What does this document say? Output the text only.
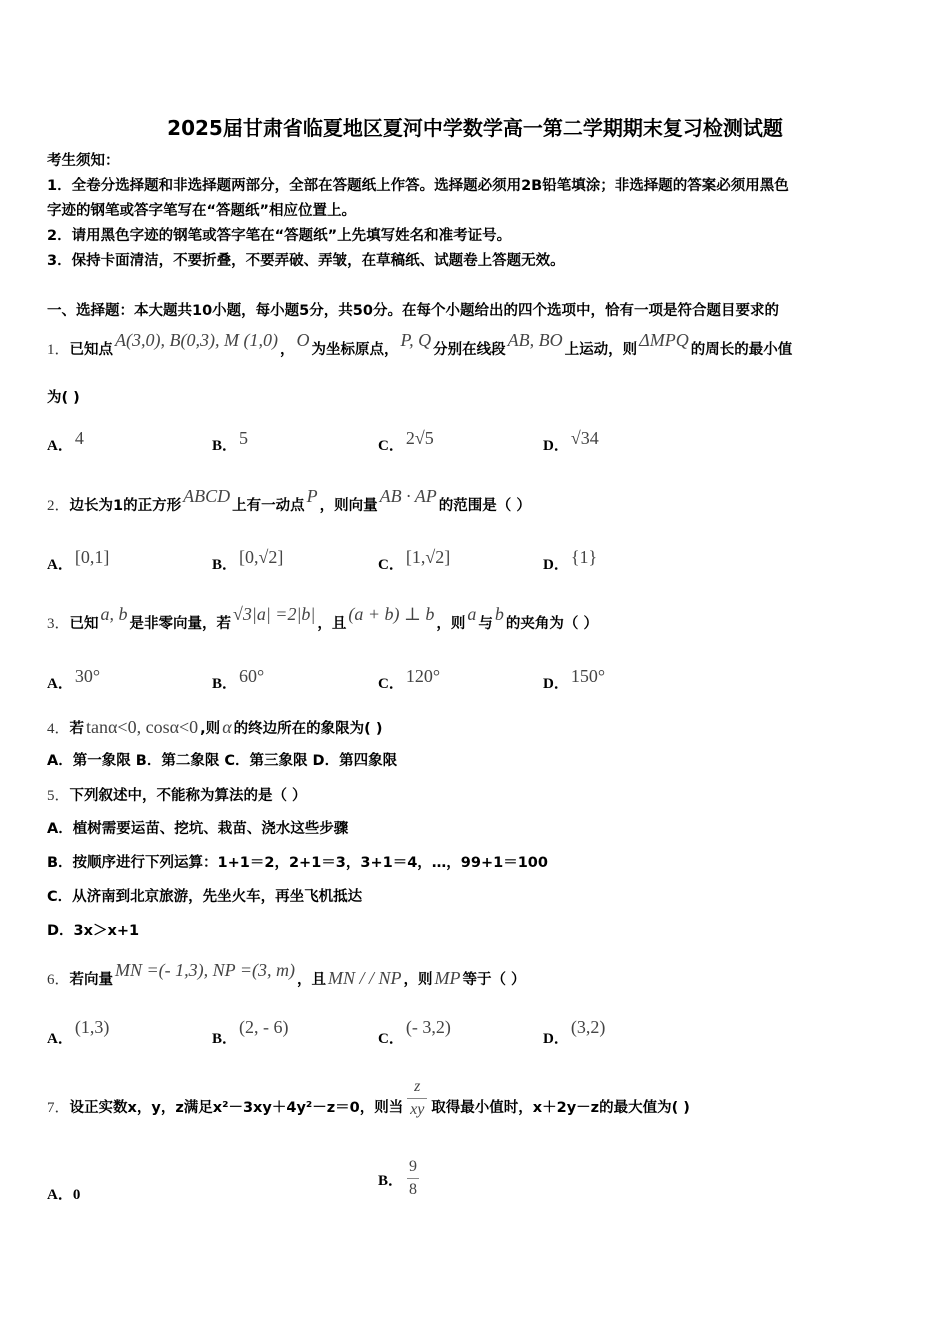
2025届甘肃省临夏地区夏河中学数学高一第二学期期末复习检测试题
考生须知：
1．全卷分选择题和非选择题两部分，全部在答题纸上作答。选择题必须用2B铅笔填涂；非选择题的答案必须用黑色
字迹的钢笔或答字笔写在“答题纸”相应位置上。
2．请用黑色字迹的钢笔或答字笔在“答题纸”上先填写姓名和准考证号。
3．保持卡面清洁，不要折叠，不要弄破、弄皱，在草稿纸、试题卷上答题无效。
一、选择题：本大题共10小题，每小题5分，共50分。在每个小题给出的四个选项中，恰有一项是符合题目要求的
1．已知点 A(3,0), B(0,3), M (1,0) ， O 为坐标原点， P, Q 分别在线段 AB, BO 上运动，则 ΔMPQ 的周长的最小值
为( )
A． 4	B． 5	C． 2√5	D． √34
2．边长为1的正方形 ABCD 上有一动点 P ，则向量 AB · AP 的范围是（ ）
A． [0,1]	B． [0,√2]	C． [1,√2]	D． {1}
3．已知 a, b 是非零向量，若 √3|a| =2|b| ，且 (a + b) ⊥ b ，则 a 与 b 的夹角为（ ）
A． 30°	B． 60°	C． 120°	D． 150°
4．若 tanα<0, cosα<0 ,则 α 的终边所在的象限为( )
A．第一象限 B．第二象限 C．第三象限 D．第四象限
5．下列叙述中，不能称为算法的是（ ）
A．植树需要运苗、挖坑、栽苗、浇水这些步骤
B．按顺序进行下列运算：1+1＝2，2+1＝3，3+1＝4，…，99+1＝100
C．从济南到北京旅游，先坐火车，再坐飞机抵达
D．3x＞x+1
6．若向量 MN =(- 1,3), NP =(3, m) ，且 MN / / NP ，则 MP 等于（ ）
A．(1,3)
B．(2, - 6)
C．(- 3,2)
D．(3,2)
7．设正实数x，y，z满足x²－3xy＋4y²－z＝0，则当 $\frac{z}{xy}$ 取得最小值时，x＋2y－z的最大值为( )
A．0
B． $\frac{9}{8}$
